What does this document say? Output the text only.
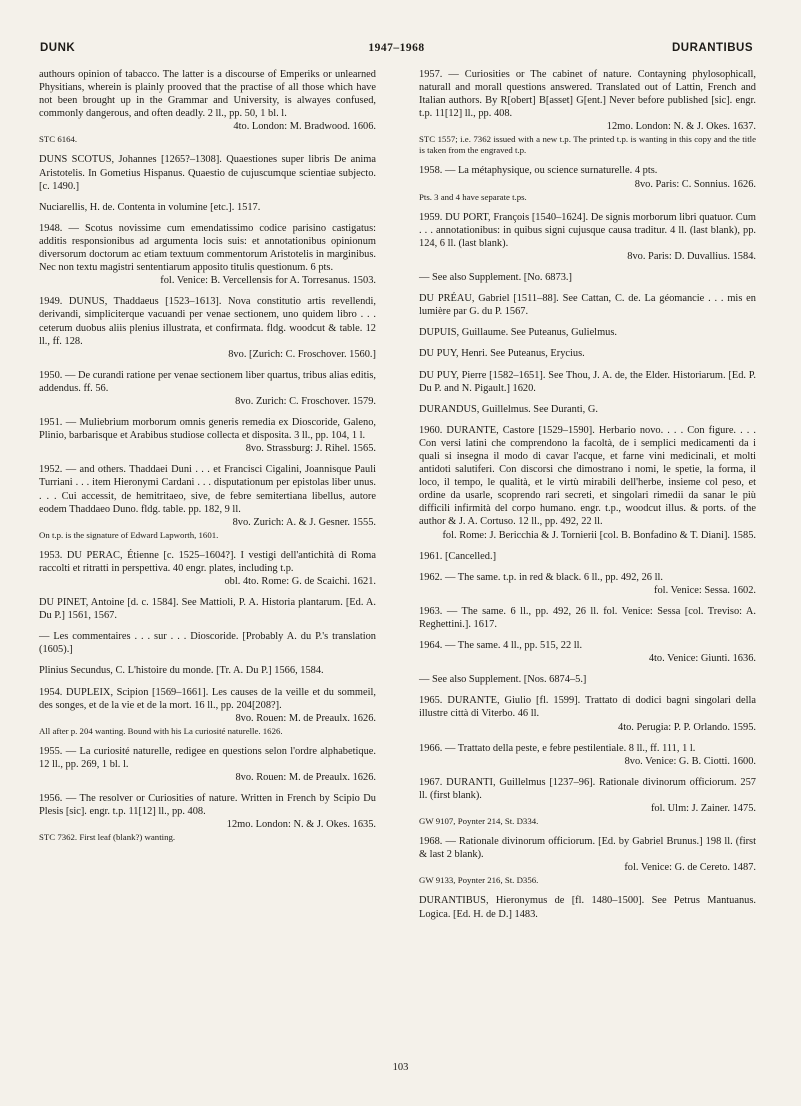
DUNK	1947–1968	DURANTIBUS
authours opinion of tabacco. The latter is a discourse of Emperiks or unlearned Physitians, wherein is plainly prooved that the practise of all those which have not been brought up in the Grammar and University, is alwayes confused, commonly dangerous, and often deadly. 2 ll., pp. 50, 1 bl. l.
4to. London: M. Bradwood. 1606.
STC 6164.
DUNS SCOTUS, Johannes [1265?–1308]. Quaestiones super libris De anima Aristotelis. In Gometius Hispanus. Quaestio de cujuscumque scientiae subjecto. [c. 1490.]
Nuciarellis, H. de. Contenta in volumine [etc.]. 1517.
1948. — Scotus novissime cum emendatissimo codice parisino castigatus: additis responsionibus ad argumenta locis suis: et annotationibus opinionum diversorum doctorum ac etiam textuum commentorum Aristotelis in marginibus. Nec non textu magistri sententiarum apposito titulis questionum. 6 pts.
fol. Venice: B. Vercellensis for A. Torresanus. 1503.
1949. DUNUS, Thaddaeus [1523–1613]. Nova constitutio artis revellendi, derivandi, simpliciterque vacuandi per venae sectionem, uno quidem libro . . . ceterum duobus aliis plenius illustrata, et confirmata. fldg. woodcut & table. 12 ll., ff. 128.
8vo. [Zurich: C. Froschover. 1560.]
1950. — De curandi ratione per venae sectionem liber quartus, tribus alias editis, addendus. ff. 56.
8vo. Zurich: C. Froschover. 1579.
1951. — Muliebrium morborum omnis generis remedia ex Dioscoride, Galeno, Plinio, barbarisque et Arabibus studiose collecta et disposita. 3 ll., pp. 104, 1 l.
8vo. Strassburg: J. Rihel. 1565.
1952. — and others. Thaddaei Duni . . . et Francisci Cigalini, Joannisque Pauli Turriani . . . item Hieronymi Cardani . . . disputationum per epistolas liber unus. . . . Cui accessit, de hemitritaeo, sive, de febre semitertiana libellus, autore eodem Thaddaeo Duno. fldg. table. pp. 182, 9 ll.
8vo. Zurich: A. & J. Gesner. 1555.
On t.p. is the signature of Edward Lapworth, 1601.
1953. DU PERAC, Étienne [c. 1525–1604?]. I vestigi dell'antichità di Roma raccolti et ritratti in perspettiva. 40 engr. plates, including t.p.
obl. 4to. Rome: G. de Scaichi. 1621.
DU PINET, Antoine [d. c. 1584]. See Mattioli, P. A. Historia plantarum. [Ed. A. Du P.] 1561, 1567.
— Les commentaires . . . sur . . . Dioscoride. [Probably A. du P.'s translation (1605).]
Plinius Secundus, C. L'histoire du monde. [Tr. A. Du P.] 1566, 1584.
1954. DUPLEIX, Scipion [1569–1661]. Les causes de la veille et du sommeil, des songes, et de la vie et de la mort. 16 ll., pp. 204[208?].
8vo. Rouen: M. de Preaulx. 1626.
All after p. 204 wanting. Bound with his La curiosité naturelle. 1626.
1955. — La curiosité naturelle, redigee en questions selon l'ordre alphabetique. 12 ll., pp. 269, 1 bl. l.
8vo. Rouen: M. de Preaulx. 1626.
1956. — The resolver or Curiosities of nature. Written in French by Scipio Du Plesis [sic]. engr. t.p. 11[12] ll., pp. 408.
12mo. London: N. & J. Okes. 1635.
STC 7362. First leaf (blank?) wanting.
1957. — Curiosities or The cabinet of nature. Contayning phylosophicall, naturall and morall questions answered. Translated out of Lattin, French and Italian authors. By R[obert] B[asset] G[ent.] Never before published [sic]. engr. t.p. 11[12] ll., pp. 408.
12mo. London: N. & J. Okes. 1637.
STC 1557; i.e. 7362 issued with a new t.p. The printed t.p. is wanting in this copy and the title is taken from the engraved t.p.
1958. — La métaphysique, ou science surnaturelle. 4 pts.
8vo. Paris: C. Sonnius. 1626.
Pts. 3 and 4 have separate t.ps.
1959. DU PORT, François [1540–1624]. De signis morborum libri quatuor. Cum . . . annotationibus: in quibus signi cujusque causa traditur. 4 ll. (last blank), pp. 124, 6 ll. (last blank).
8vo. Paris: D. Duvallius. 1584.
— See also Supplement. [No. 6873.]
DU PRÉAU, Gabriel [1511–88]. See Cattan, C. de. La géomancie . . . mis en lumière par G. du P. 1567.
DUPUIS, Guillaume. See Puteanus, Gulielmus.
DU PUY, Henri. See Puteanus, Erycius.
DU PUY, Pierre [1582–1651]. See Thou, J. A. de, the Elder. Historiarum. [Ed. P. Du P. and N. Pigault.] 1620.
DURANDUS, Guillelmus. See Duranti, G.
1960. DURANTE, Castore [1529–1590]. Herbario novo. . . . Con figure. . . . Con versi latini che comprendono la facoltà, de i semplici medicamenti da i quali si insegna il modo di cavar l'acque, et farne vini medicinali, et molti antidoti salutiferi. Con discorsi che dimostrano i nomi, le spetie, la forma, il loco, il tempo, le qualità, et le virtù mirabili dell'herbe, insieme col peso, et ordine da usarle, scoprendo rari secreti, et singolari rimedii da sanar le più difficili infirmità del corpo humano. engr. t.p., woodcut illus. & ports. of the author & J. A. Cortuso. 12 ll., pp. 492, 22 ll.
fol. Rome: J. Bericchia & J. Tornierii [col. B. Bonfadino & T. Diani]. 1585.
1961. [Cancelled.]
1962. — The same. t.p. in red & black. 6 ll., pp. 492, 26 ll.
fol. Venice: Sessa. 1602.
1963. — The same. 6 ll., pp. 492, 26 ll. fol. Venice: Sessa [col. Treviso: A. Reghettini.]. 1617.
1964. — The same. 4 ll., pp. 515, 22 ll.
4to. Venice: Giunti. 1636.
— See also Supplement. [Nos. 6874–5.]
1965. DURANTE, Giulio [fl. 1599]. Trattato di dodici bagni singolari della illustre città di Viterbo. 46 ll.
4to. Perugia: P. P. Orlando. 1595.
1966. — Trattato della peste, e febre pestilentiale. 8 ll., ff. 111, 1 l.
8vo. Venice: G. B. Ciotti. 1600.
1967. DURANTI, Guillelmus [1237–96]. Rationale divinorum officiorum. 257 ll. (first blank).
fol. Ulm: J. Zainer. 1475.
GW 9107, Poynter 214, St. D334.
1968. — Rationale divinorum officiorum. [Ed. by Gabriel Brunus.] 198 ll. (first & last 2 blank).
fol. Venice: G. de Cereto. 1487.
GW 9133, Poynter 216, St. D356.
DURANTIBUS, Hieronymus de [fl. 1480–1500]. See Petrus Mantuanus. Logica. [Ed. H. de D.] 1483.
103
